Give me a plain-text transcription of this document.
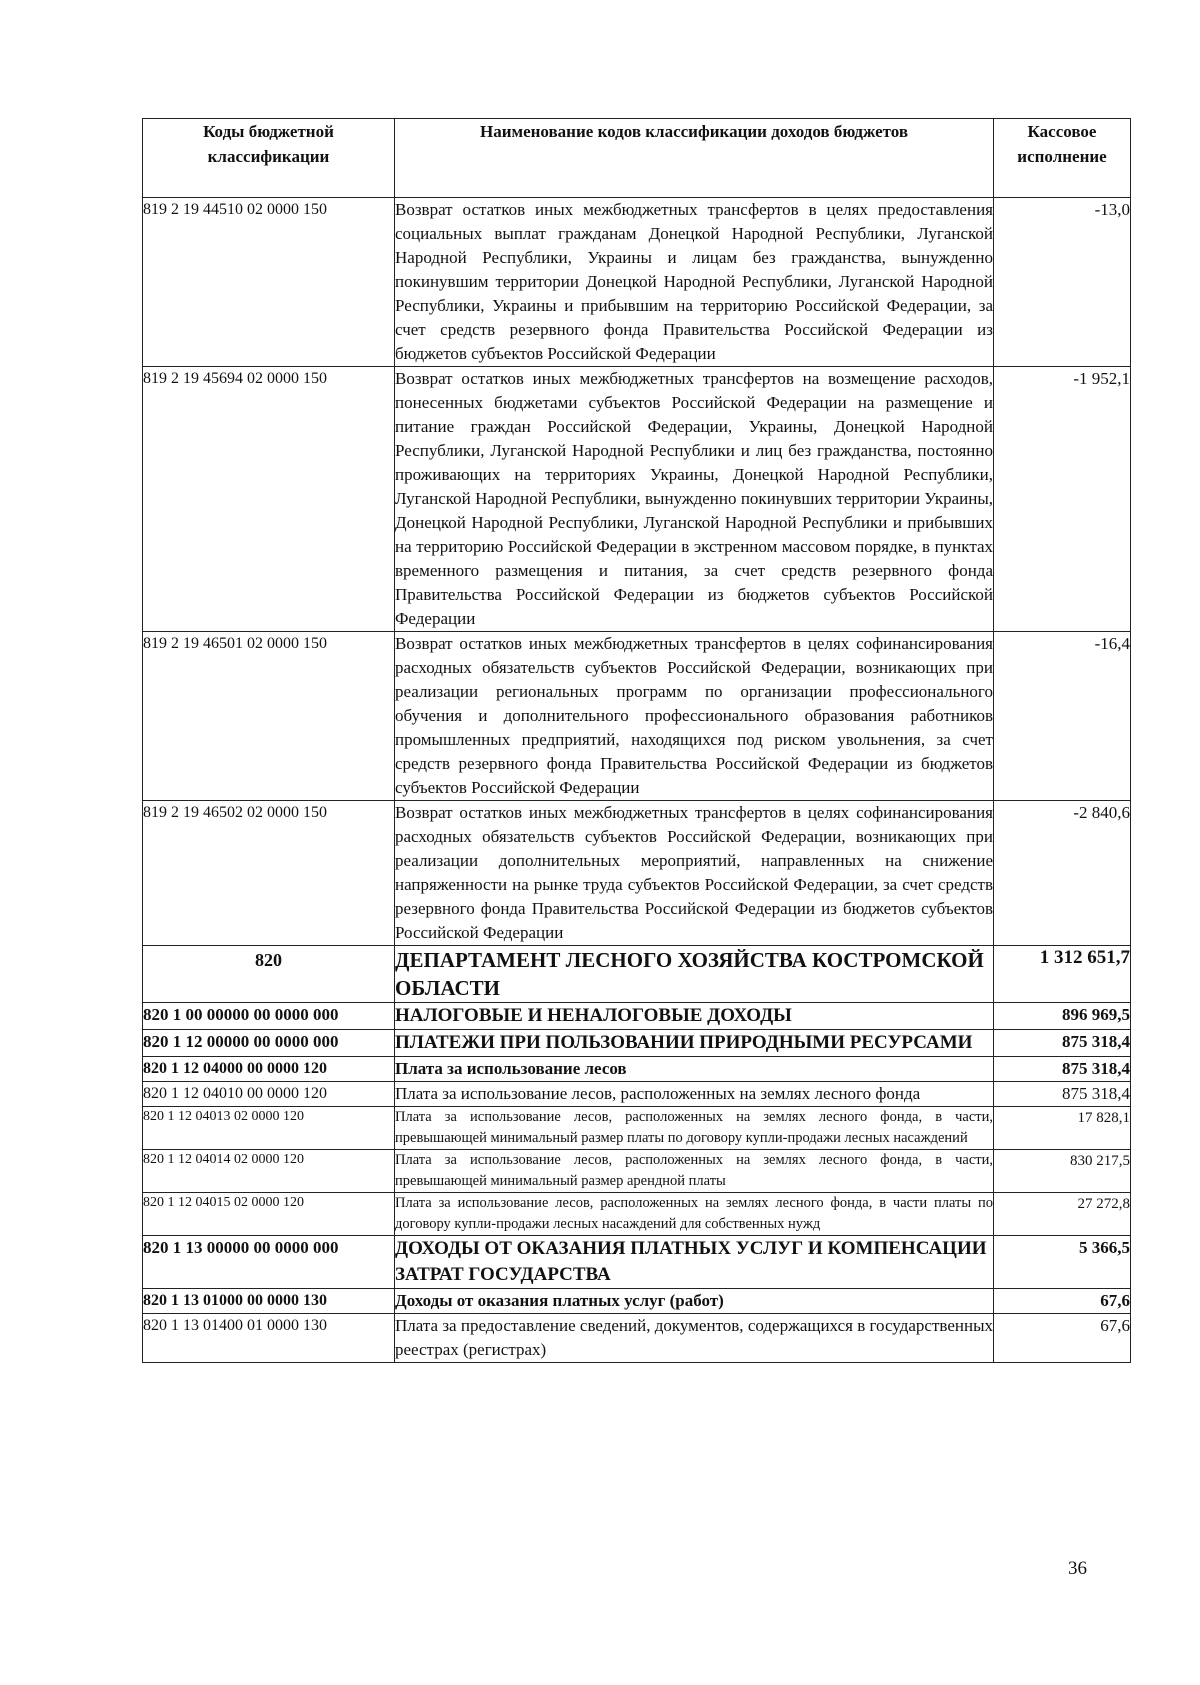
Коды бюджетной классификации	Наименование кодов классификации доходов бюджетов	Кассовое исполнение
819 2 19 44510 02 0000 150	Возврат остатков иных межбюджетных трансфертов в целях предоставления социальных выплат гражданам Донецкой Народной Республики, Луганской Народной Республики, Украины и лицам без гражданства, вынужденно покинувшим территории Донецкой Народной Республики, Луганской Народной Республики, Украины и прибывшим на территорию Российской Федерации, за счет средств резервного фонда Правительства Российской Федерации из бюджетов субъектов Российской Федерации	-13,0
819 2 19 45694 02 0000 150	Возврат остатков иных межбюджетных трансфертов на возмещение расходов, понесенных бюджетами субъектов Российской Федерации на размещение и питание граждан Российской Федерации, Украины, Донецкой Народной Республики, Луганской Народной Республики и лиц без гражданства, постоянно проживающих на территориях Украины, Донецкой Народной Республики, Луганской Народной Республики, вынужденно покинувших территории Украины, Донецкой Народной Республики, Луганской Народной Республики и прибывших на территорию Российской Федерации в экстренном массовом порядке, в пунктах временного размещения и питания, за счет средств резервного фонда Правительства Российской Федерации из бюджетов субъектов Российской Федерации	-1 952,1
819 2 19 46501 02 0000 150	Возврат остатков иных межбюджетных трансфертов в целях софинансирования расходных обязательств субъектов Российской Федерации, возникающих при реализации региональных программ по организации профессионального обучения и дополнительного профессионального образования работников промышленных предприятий, находящихся под риском увольнения, за счет средств резервного фонда Правительства Российской Федерации из бюджетов субъектов Российской Федерации	-16,4
819 2 19 46502 02 0000 150	Возврат остатков иных межбюджетных трансфертов в целях софинансирования расходных обязательств субъектов Российской Федерации, возникающих при реализации дополнительных мероприятий, направленных на снижение напряженности на рынке труда субъектов Российской Федерации, за счет средств резервного фонда Правительства Российской Федерации из бюджетов субъектов Российской Федерации	-2 840,6
820	ДЕПАРТАМЕНТ ЛЕСНОГО ХОЗЯЙСТВА КОСТРОМСКОЙ ОБЛАСТИ	1 312 651,7
820 1 00 00000 00 0000 000	НАЛОГОВЫЕ И НЕНАЛОГОВЫЕ ДОХОДЫ	896 969,5
820 1 12 00000 00 0000 000	ПЛАТЕЖИ ПРИ ПОЛЬЗОВАНИИ ПРИРОДНЫМИ РЕСУРСАМИ	875 318,4
820 1 12 04000 00 0000 120	Плата за использование лесов	875 318,4
820 1 12 04010 00 0000 120	Плата за использование лесов, расположенных на землях лесного фонда	875 318,4
820 1 12 04013 02 0000 120	Плата за использование лесов, расположенных на землях лесного фонда, в части, превышающей минимальный размер платы по договору купли-продажи лесных насаждений	17 828,1
820 1 12 04014 02 0000 120	Плата за использование лесов, расположенных на землях лесного фонда, в части, превышающей минимальный размер арендной платы	830 217,5
820 1 12 04015 02 0000 120	Плата за использование лесов, расположенных на землях лесного фонда, в части платы по договору купли-продажи лесных насаждений для собственных нужд	27 272,8
820 1 13 00000 00 0000 000	ДОХОДЫ ОТ ОКАЗАНИЯ ПЛАТНЫХ УСЛУГ И КОМПЕНСАЦИИ ЗАТРАТ ГОСУДАРСТВА	5 366,5
820 1 13 01000 00 0000 130	Доходы от оказания платных услуг (работ)	67,6
820 1 13 01400 01 0000 130	Плата за предоставление сведений, документов, содержащихся в государственных реестрах (регистрах)	67,6
36
